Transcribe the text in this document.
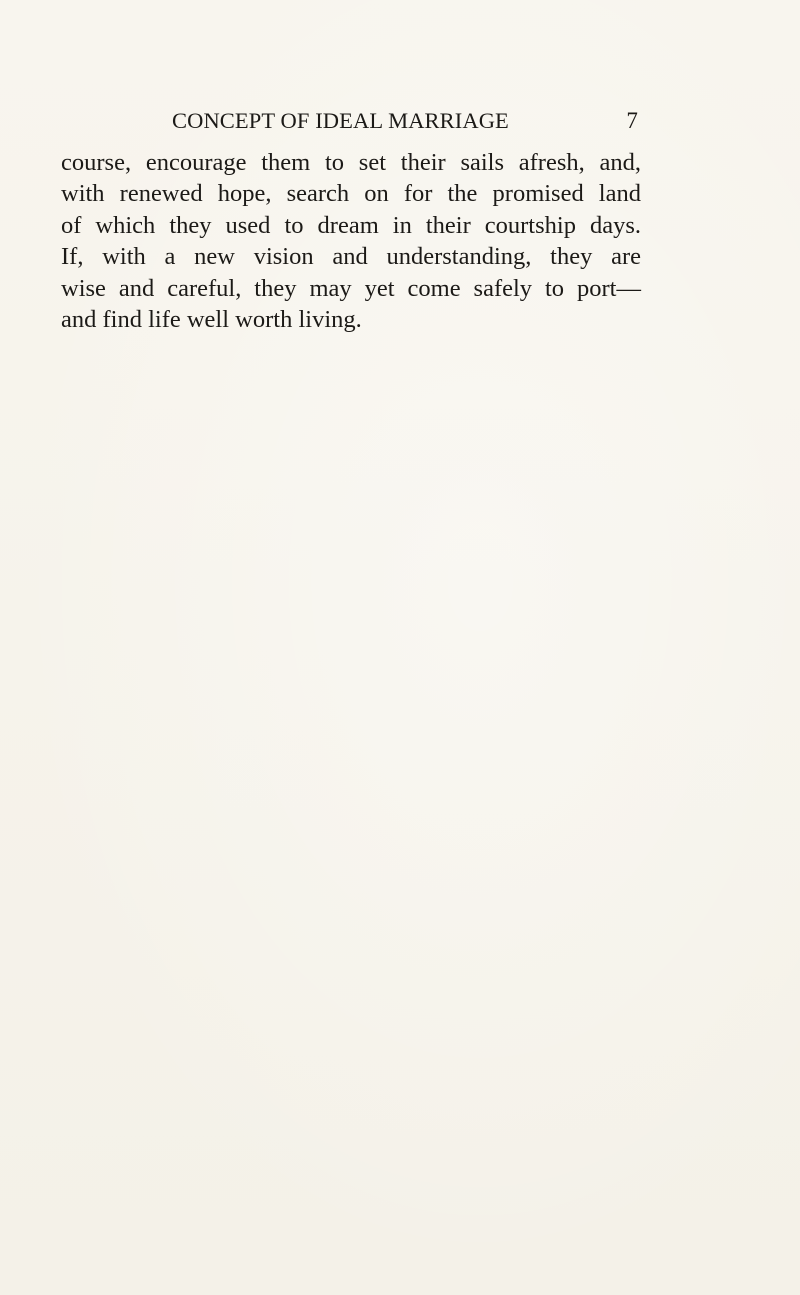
CONCEPT OF IDEAL MARRIAGE	7
course, encourage them to set their sails afresh, and,
with renewed hope, search on for the promised land
of which they used to dream in their courtship days.
If, with a new vision and understanding, they are
wise and careful, they may yet come safely to port—
and find life well worth living.
